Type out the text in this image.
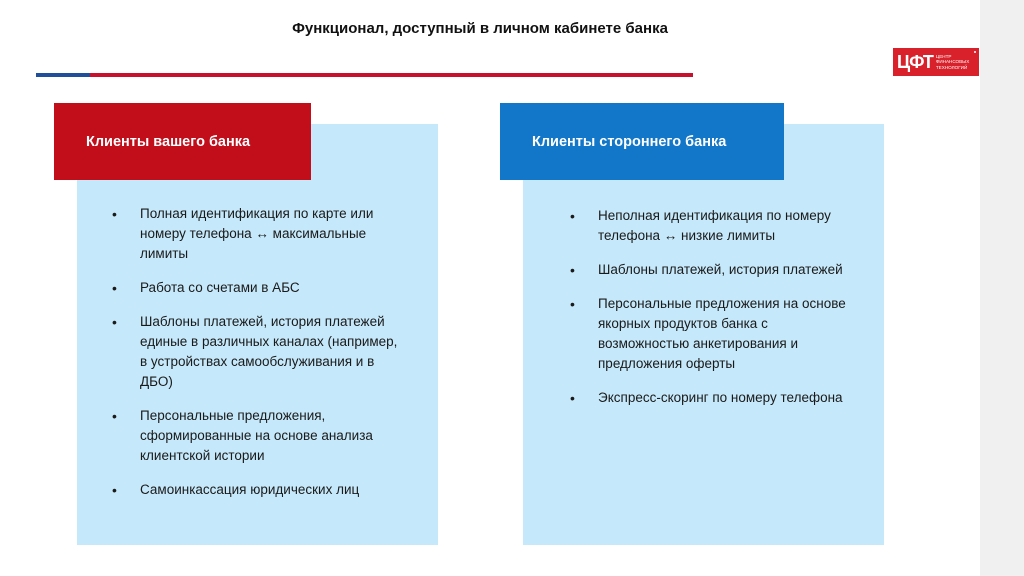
Функционал, доступный в личном кабинете банка
ЦФТ ЦЕНТР
ФИНАНСОВЫХ
ТЕХНОЛОГИЙ
Клиенты вашего банка	Клиенты стороннего банка
• Полная идентификация по карте или номеру телефона ↔ максимальные лимиты
• Работа со счетами в АБС
• Шаблоны платежей, история платежей единые в различных каналах (например, в устройствах самообслуживания и в ДБО)
• Персональные предложения, сформированные на основе анализа клиентской истории
• Самоинкассация юридических лиц
• Неполная идентификация по номеру телефона ↔ низкие лимиты
• Шаблоны платежей, история платежей
• Персональные предложения на основе якорных продуктов банка с возможностью анкетирования и предложения оферты
• Экспресс-скоринг по номеру телефона
